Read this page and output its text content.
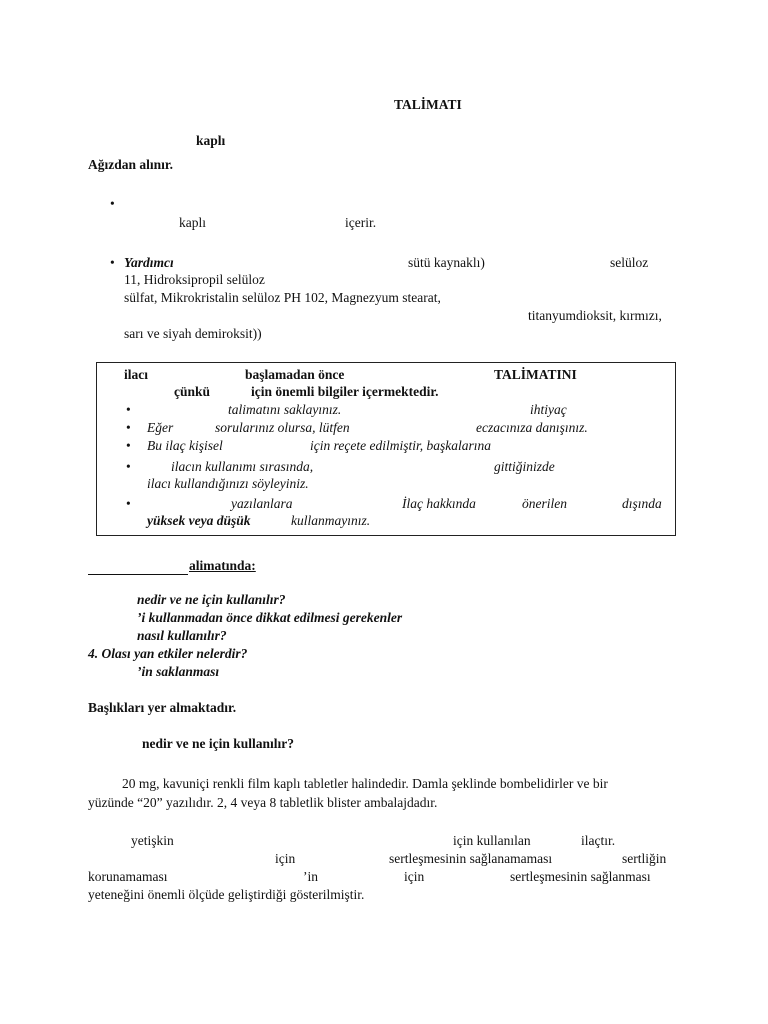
TALİMATI
kaplı
Ağızdan alınır.
•
kaplı	içerir.
• Yardımcı	sütü kaynaklı)	selüloz
11, Hidroksipropil selüloz
sülfat, Mikrokristalin selüloz PH 102, Magnezyum stearat,
titanyumdioksit, kırmızı,
sarı ve siyah demiroksit))
ilacı	başlamadan önce	TALİMATINI
çünkü	için önemli bilgiler içermektedir.
•	talimatını saklayınız.	ihtiyaç
• Eğer	sorularınız olursa, lütfen	eczacınıza danışınız.
• Bu ilaç kişisel	için reçete edilmiştir, başkalarına
•	ilacın kullanımı sırasında,	gittiğinizde
ilacı kullandığınızı söyleyiniz.
•	yazılanlara	İlaç hakkında	önerilen	dışında
yüksek veya düşük	kullanmayınız.
alimatında:
nedir ve ne için kullanılır?
’i kullanmadan önce dikkat edilmesi gerekenler
nasıl kullanılır?
4. Olası yan etkiler nelerdir?
’in saklanması
Başlıkları yer almaktadır.
nedir ve ne için kullanılır?
20 mg, kavuniçi renkli film kaplı tabletler halindedir. Damla şeklinde bombelidirler ve bir
yüzünde “20” yazılıdır. 2, 4 veya 8 tabletlik blister ambalajdadır.
yetişkin	için kullanılan	ilaçtır.
için	sertleşmesinin sağlanamaması	sertliğin
korunamaması	’in	için	sertleşmesinin sağlanması
yeteneğini önemli ölçüde geliştirdiği gösterilmiştir.
